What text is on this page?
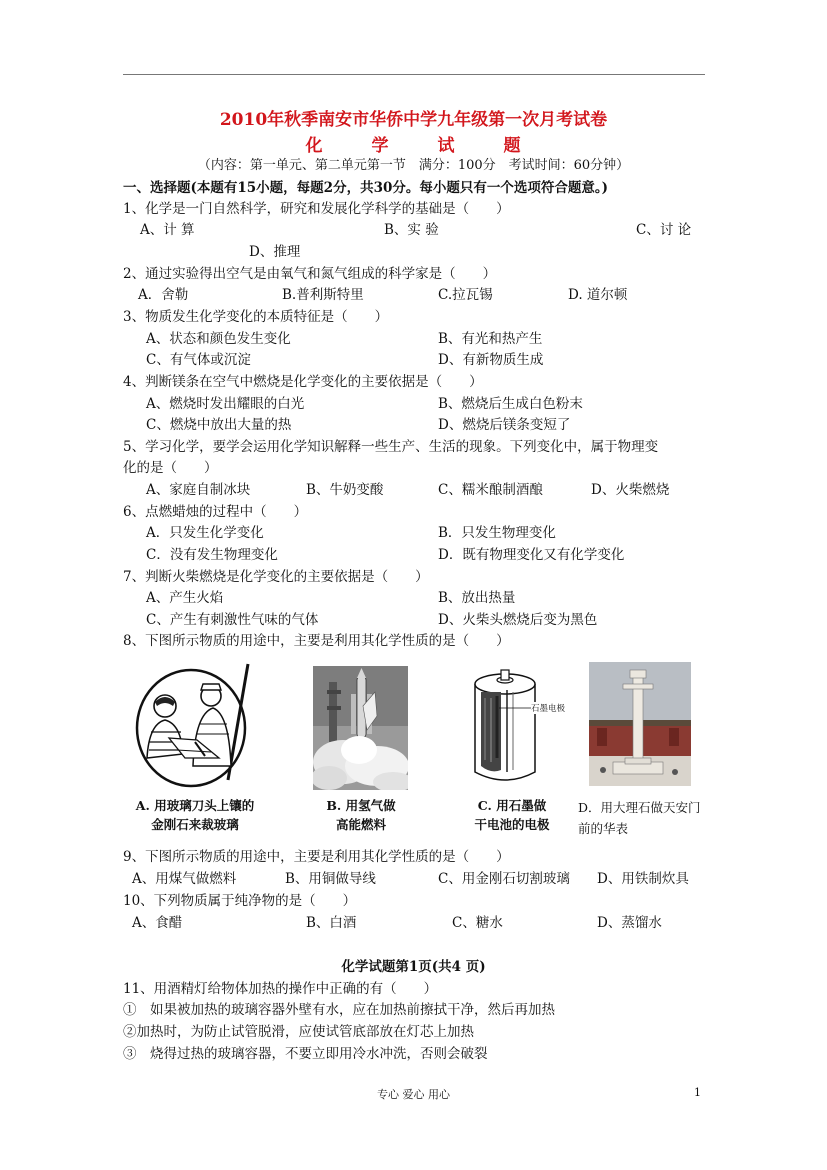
2010年秋季南安市华侨中学九年级第一次月考试卷
化	学	试	题
（内容：第一单元、第二单元第一节　满分：100分　考试时间：60分钟）
一、选择题(本题有15小题，每题2分，共30分。每小题只有一个选项符合题意。)
1、化学是一门自然科学，研究和发展化学科学的基础是（　　）
A、计 算	B、实 验	C、讨 论
D、推理
2、通过实验得出空气是由氧气和氮气组成的科学家是（　　）
A．舍勒	B.普利斯特里	C.拉瓦锡	D. 道尔顿
3、物质发生化学变化的本质特征是（　　）
A、状态和颜色发生变化	B、有光和热产生
C、有气体或沉淀	D、有新物质生成
4、判断镁条在空气中燃烧是化学变化的主要依据是（　　）
A、燃烧时发出耀眼的白光	B、燃烧后生成白色粉末
C、燃烧中放出大量的热	D、燃烧后镁条变短了
5、学习化学，要学会运用化学知识解释一些生产、生活的现象。下列变化中，属于物理变
化的是（　　）
A、家庭自制冰块	B、牛奶变酸	C、糯米酿制酒酿	D、火柴燃烧
6、点燃蜡烛的过程中（　　）
A．只发生化学变化	B．只发生物理变化
C．没有发生物理变化	D．既有物理变化又有化学变化
7、判断火柴燃烧是化学变化的主要依据是（　　）
A、产生火焰	B、放出热量
C、产生有刺激性气味的气体	D、火柴头燃烧后变为黑色
8、下图所示物质的用途中，主要是利用其化学性质的是（　　）
A. 用玻璃刀头上镶的
金刚石来裁玻璃
B. 用氢气做
高能燃料
石墨电极
C. 用石墨做
干电池的电极
D．用大理石做天安门
前的华表
9、下图所示物质的用途中，主要是利用其化学性质的是（　　）
A、用煤气做燃料	B、用铜做导线	C、用金刚石切割玻璃 D、用铁制炊具
10、下列物质属于纯净物的是（　　）
A、食醋	B、白酒	C、糖水	D、蒸馏水
化学试题第1页(共4 页)
11、用酒精灯给物体加热的操作中正确的有（　　）
①　如果被加热的玻璃容器外壁有水，应在加热前擦拭干净，然后再加热
②加热时，为防止试管脱滑，应使试管底部放在灯芯上加热
③　烧得过热的玻璃容器，不要立即用冷水冲洗，否则会破裂
专心 爱心 用心	1
